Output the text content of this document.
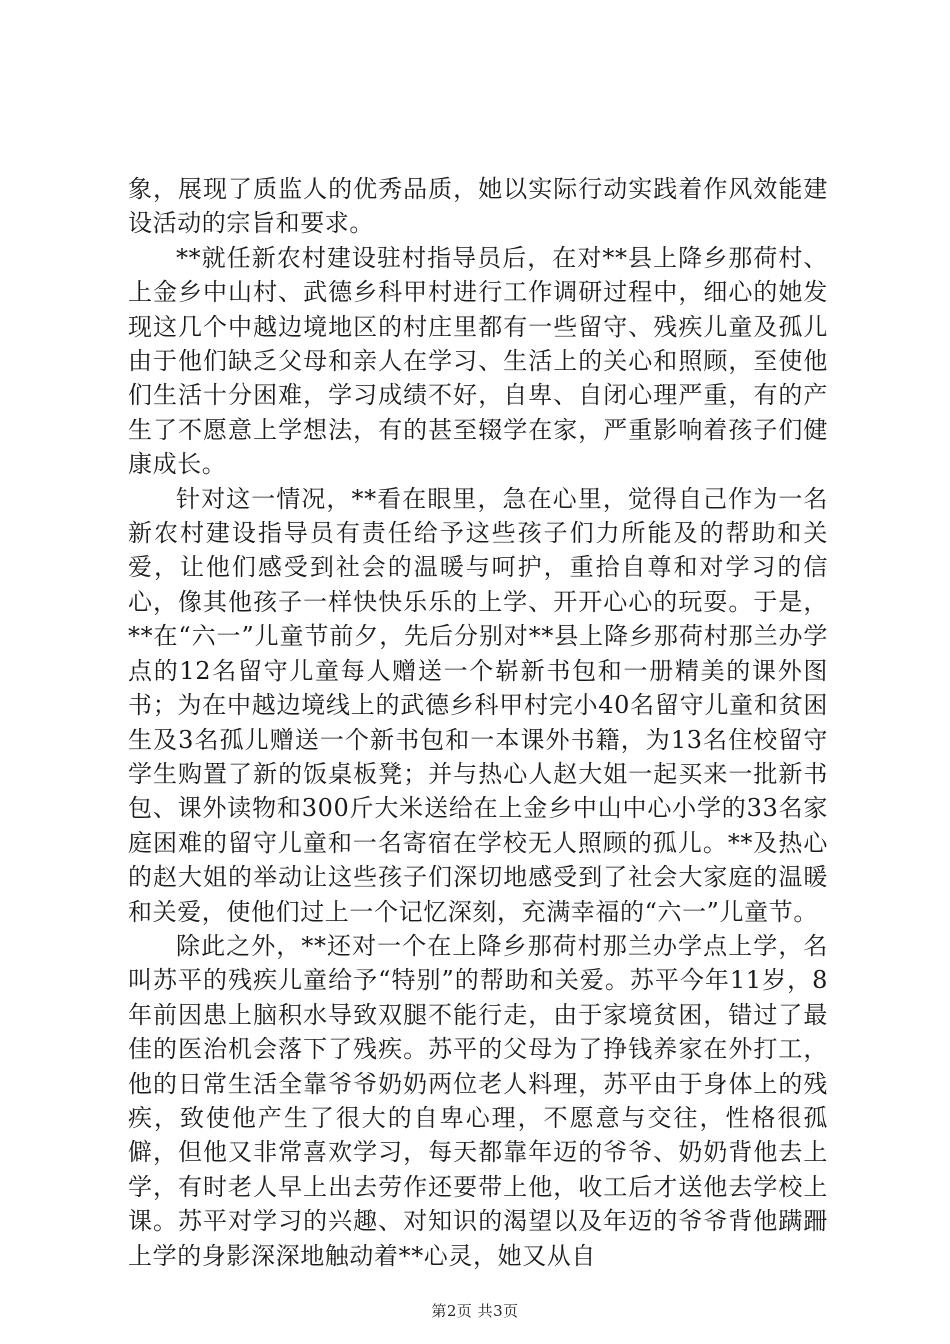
象，展现了质监人的优秀品质，她以实际行动实践着作风效能建设活动的宗旨和要求。

**就任新农村建设驻村指导员后，在对**县上降乡那荷村、上金乡中山村、武德乡科甲村进行工作调研过程中，细心的她发现这几个中越边境地区的村庄里都有一些留守、残疾儿童及孤儿由于他们缺乏父母和亲人在学习、生活上的关心和照顾，至使他们生活十分困难，学习成绩不好，自卑、自闭心理严重，有的产生了不愿意上学想法，有的甚至辍学在家，严重影响着孩子们健康成长。

针对这一情况，**看在眼里，急在心里，觉得自己作为一名新农村建设指导员有责任给予这些孩子们力所能及的帮助和关爱，让他们感受到社会的温暖与呵护，重拾自尊和对学习的信心，像其他孩子一样快快乐乐的上学、开开心心的玩耍。于是，**在“六一”儿童节前夕，先后分别对**县上降乡那荷村那兰办学点的12名留守儿童每人赠送一个崭新书包和一册精美的课外图书；为在中越边境线上的武德乡科甲村完小40名留守儿童和贫困生及3名孤儿赠送一个新书包和一本课外书籍，为13名住校留守学生购置了新的饭桌板凳；并与热心人赵大姐一起买来一批新书包、课外读物和300斤大米送给在上金乡中山中心小学的33名家庭困难的留守儿童和一名寄宿在学校无人照顾的孤儿。**及热心的赵大姐的举动让这些孩子们深切地感受到了社会大家庭的温暖和关爱，使他们过上一个记忆深刻，充满幸福的“六一”儿童节。

除此之外，**还对一个在上降乡那荷村那兰办学点上学，名叫苏平的残疾儿童给予“特别”的帮助和关爱。苏平今年11岁，8年前因患上脑积水导致双腿不能行走，由于家境贫困，错过了最佳的医治机会落下了残疾。苏平的父母为了挣钱养家在外打工，他的日常生活全靠爷爷奶奶两位老人料理，苏平由于身体上的残疾，致使他产生了很大的自卑心理，不愿意与交往，性格很孤僻，但他又非常喜欢学习，每天都靠年迈的爷爷、奶奶背他去上学，有时老人早上出去劳作还要带上他，收工后才送他去学校上课。苏平对学习的兴趣、对知识的渴望以及年迈的爷爷背他蹒跚上学的身影深深地触动着**心灵，她又从自

第2页 共3页
